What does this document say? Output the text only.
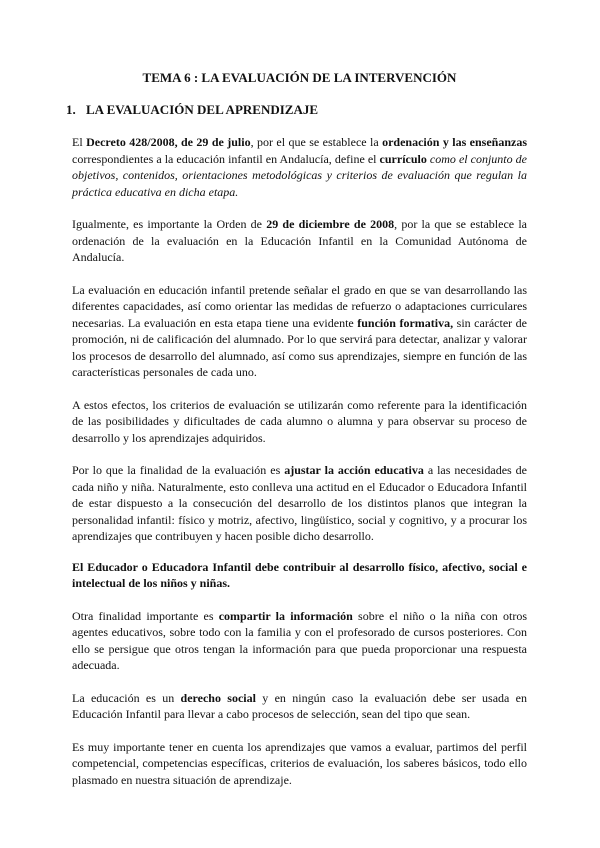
TEMA 6 : LA EVALUACIÓN DE LA INTERVENCIÓN
1. LA EVALUACIÓN DEL APRENDIZAJE

El Decreto 428/2008, de 29 de julio, por el que se establece la ordenación y las enseñanzas correspondientes a la educación infantil en Andalucía, define el currículo como el conjunto de objetivos, contenidos, orientaciones metodológicas y criterios de evaluación que regulan la práctica educativa en dicha etapa.

Igualmente, es importante la Orden de 29 de diciembre de 2008, por la que se establece la ordenación de la evaluación en la Educación Infantil en la Comunidad Autónoma de Andalucía.

La evaluación en educación infantil pretende señalar el grado en que se van desarrollando las diferentes capacidades, así como orientar las medidas de refuerzo o adaptaciones curriculares necesarias. La evaluación en esta etapa tiene una evidente función formativa, sin carácter de promoción, ni de calificación del alumnado. Por lo que servirá para detectar, analizar y valorar los procesos de desarrollo del alumnado, así como sus aprendizajes, siempre en función de las características personales de cada uno.

A estos efectos, los criterios de evaluación se utilizarán como referente para la identificación de las posibilidades y dificultades de cada alumno o alumna y para observar su proceso de desarrollo y los aprendizajes adquiridos.

Por lo que la finalidad de la evaluación es ajustar la acción educativa a las necesidades de cada niño y niña. Naturalmente, esto conlleva una actitud en el Educador o Educadora Infantil de estar dispuesto a la consecución del desarrollo de los distintos planos que integran la personalidad infantil: físico y motriz, afectivo, lingüístico, social y cognitivo, y a procurar los aprendizajes que contribuyen y hacen posible dicho desarrollo.

El Educador o Educadora Infantil debe contribuir al desarrollo físico, afectivo, social e intelectual de los niños y niñas.

Otra finalidad importante es compartir la información sobre el niño o la niña con otros agentes educativos, sobre todo con la familia y con el profesorado de cursos posteriores. Con ello se persigue que otros tengan la información para que pueda proporcionar una respuesta adecuada.

La educación es un derecho social y en ningún caso la evaluación debe ser usada en Educación Infantil para llevar a cabo procesos de selección, sean del tipo que sean.

Es muy importante tener en cuenta los aprendizajes que vamos a evaluar, partimos del perfil competencial, competencias específicas, criterios de evaluación, los saberes básicos, todo ello plasmado en nuestra situación de aprendizaje.
